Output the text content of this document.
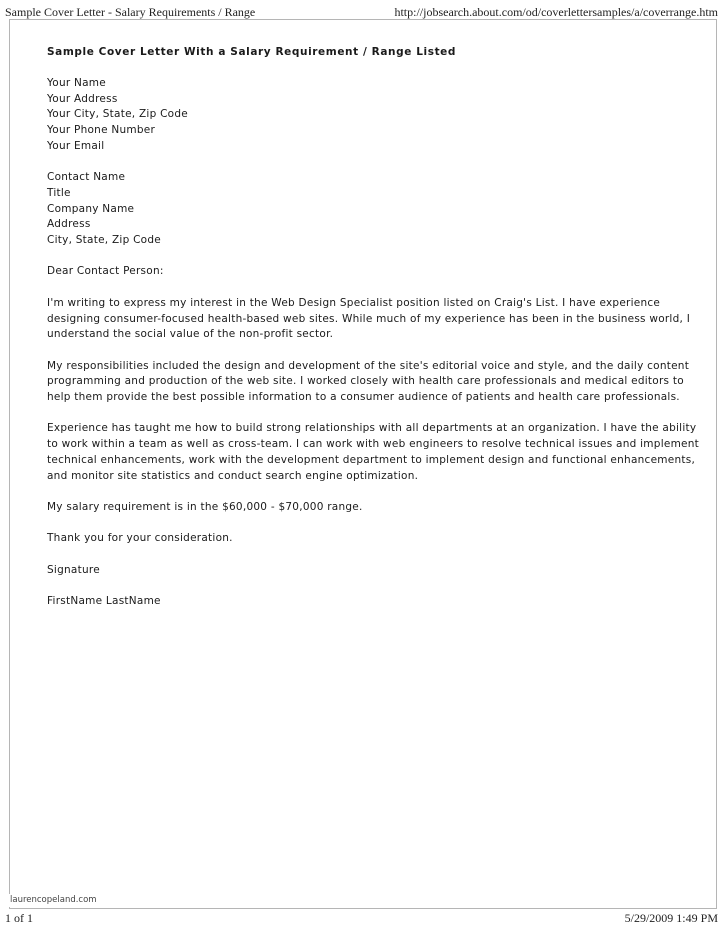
Sample Cover Letter - Salary Requirements / Range	http://jobsearch.about.com/od/coverlettersamples/a/coverrange.htm
Sample Cover Letter With a Salary Requirement / Range Listed
Your Name
Your Address
Your City, State, Zip Code
Your Phone Number
Your Email
Contact Name
Title
Company Name
Address
City, State, Zip Code
Dear Contact Person:
I'm writing to express my interest in the Web Design Specialist position listed on Craig's List. I have experience
designing consumer-focused health-based web sites. While much of my experience has been in the business world, I
understand the social value of the non-profit sector.
My responsibilities included the design and development of the site's editorial voice and style, and the daily content
programming and production of the web site. I worked closely with health care professionals and medical editors to
help them provide the best possible information to a consumer audience of patients and health care professionals.
Experience has taught me how to build strong relationships with all departments at an organization. I have the ability
to work within a team as well as cross-team. I can work with web engineers to resolve technical issues and implement
technical enhancements, work with the development department to implement design and functional enhancements,
and monitor site statistics and conduct search engine optimization.
My salary requirement is in the $60,000 - $70,000 range.
Thank you for your consideration.
Signature
FirstName LastName
laurencopeland.com
1 of 1	5/29/2009 1:49 PM
